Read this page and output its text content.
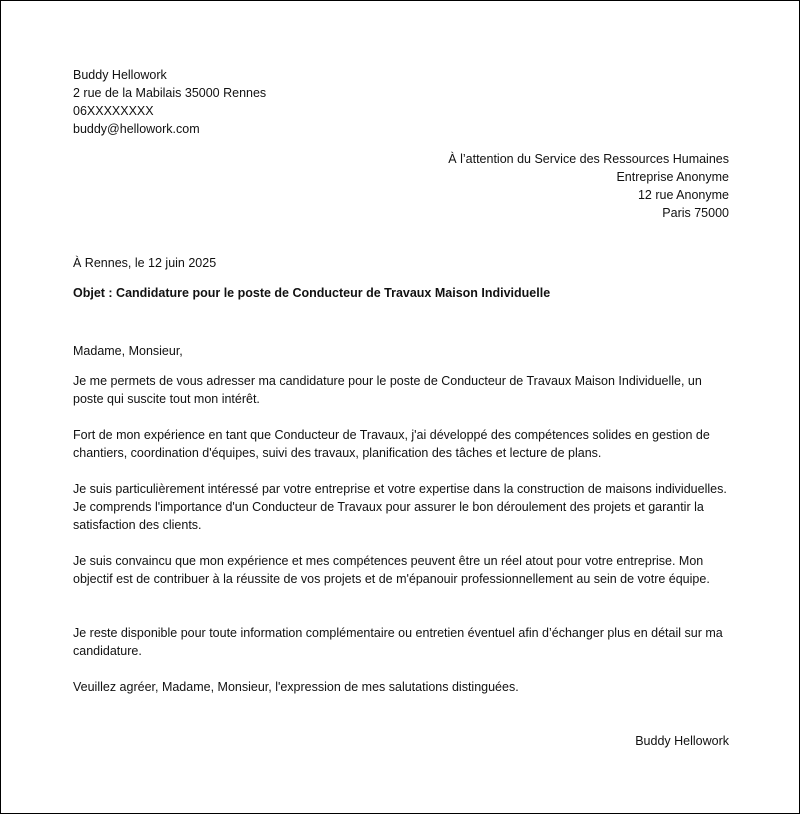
Buddy Hellowork
2 rue de la Mabilais 35000 Rennes
06XXXXXXXX
buddy@hellowork.com
À l’attention du Service des Ressources Humaines
Entreprise Anonyme
12 rue Anonyme
Paris 75000
À Rennes, le 12 juin 2025
Objet : Candidature pour le poste de Conducteur de Travaux Maison Individuelle
Madame, Monsieur,
Je me permets de vous adresser ma candidature pour le poste de Conducteur de Travaux Maison Individuelle, un poste qui suscite tout mon intérêt.
Fort de mon expérience en tant que Conducteur de Travaux, j'ai développé des compétences solides en gestion de chantiers, coordination d'équipes, suivi des travaux, planification des tâches et lecture de plans.
Je suis particulièrement intéressé par votre entreprise et votre expertise dans la construction de maisons individuelles. Je comprends l'importance d'un Conducteur de Travaux pour assurer le bon déroulement des projets et garantir la satisfaction des clients.
Je suis convaincu que mon expérience et mes compétences peuvent être un réel atout pour votre entreprise. Mon objectif est de contribuer à la réussite de vos projets et de m'épanouir professionnellement au sein de votre équipe.
Je reste disponible pour toute information complémentaire ou entretien éventuel afin d’échanger plus en détail sur ma candidature.
Veuillez agréer, Madame, Monsieur, l'expression de mes salutations distinguées.
Buddy Hellowork
